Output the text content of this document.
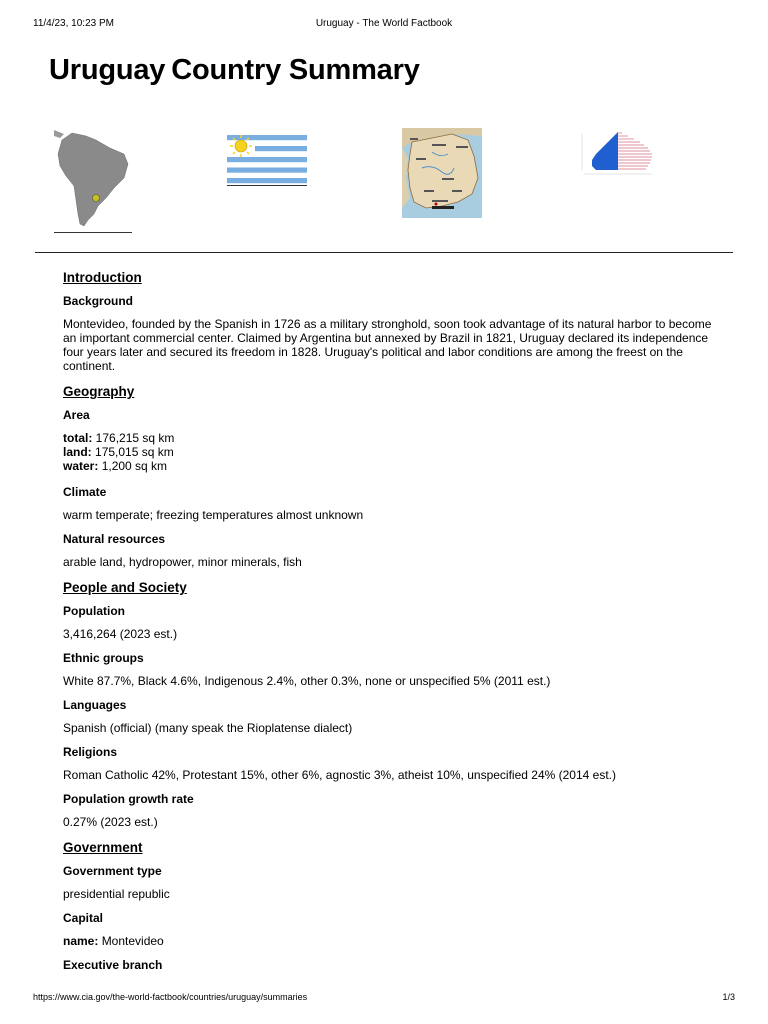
11/4/23, 10:23 PM	Uruguay - The World Factbook
Uruguay Country Summary
Introduction
Background
Montevideo, founded by the Spanish in 1726 as a military stronghold, soon took advantage of its natural harbor to become an important commercial center. Claimed by Argentina but annexed by Brazil in 1821, Uruguay declared its independence four years later and secured its freedom in 1828. Uruguay's political and labor conditions are among the freest on the continent.
Geography
Area
total: 176,215 sq km
land: 175,015 sq km
water: 1,200 sq km
Climate
warm temperate; freezing temperatures almost unknown
Natural resources
arable land, hydropower, minor minerals, fish
People and Society
Population
3,416,264 (2023 est.)
Ethnic groups
White 87.7%, Black 4.6%, Indigenous 2.4%, other 0.3%, none or unspecified 5% (2011 est.)
Languages
Spanish (official) (many speak the Rioplatense dialect)
Religions
Roman Catholic 42%, Protestant 15%, other 6%, agnostic 3%, atheist 10%, unspecified 24% (2014 est.)
Population growth rate
0.27% (2023 est.)
Government
Government type
presidential republic
Capital
name: Montevideo
Executive branch
https://www.cia.gov/the-world-factbook/countries/uruguay/summaries	1/3
